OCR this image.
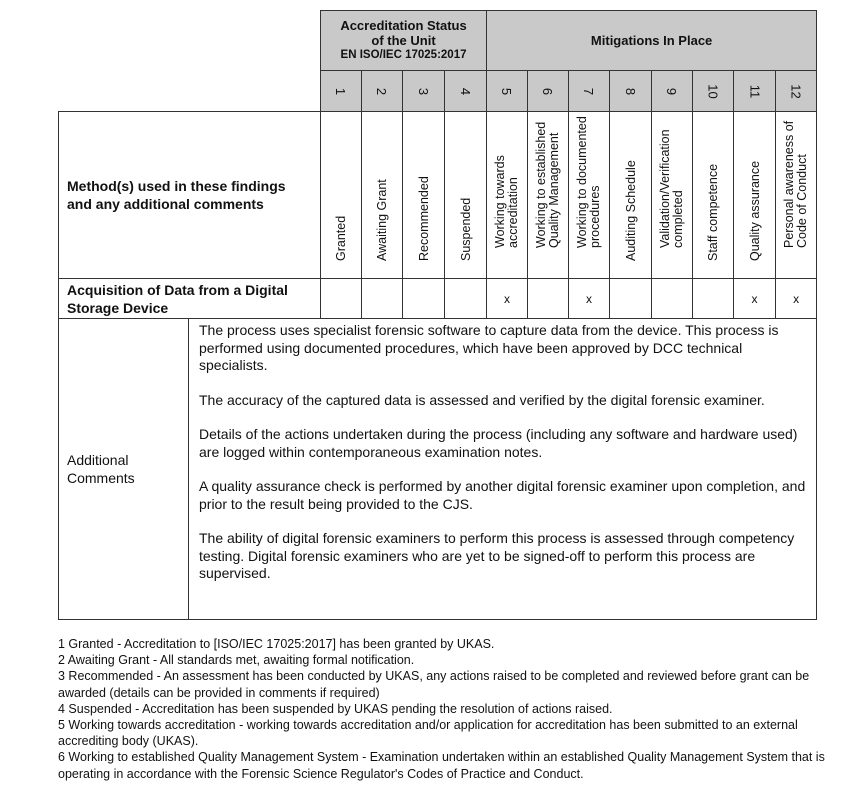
		Accreditation Status
of the Unit
EN ISO/IEC 17025:2017				Mitigations In Place							

		1	2	3	4	5	6	7	8	9	10	11	12

Method(s) used in these findings and any additional comments		Granted	Awaiting Grant	Recommended	Suspended	Working towards accreditation	Working to established Quality Management	Working to documented procedures	Auditing Schedule	Validation/Verification completed	Staff competence	Quality assurance	Personal awareness of Code of Conduct

Acquisition of Data from a Digital Storage Device						x		x				x	x
Additional Comments	The process uses specialist forensic software to capture data from the device. This process is performed using documented procedures, which have been approved by DCC technical specialists.

The accuracy of the captured data is assessed and verified by the digital forensic examiner.

Details of the actions undertaken during the process (including any software and hardware used) are logged within contemporaneous examination notes.

A quality assurance check is performed by another digital forensic examiner upon completion, and prior to the result being provided to the CJS.

The ability of digital forensic examiners to perform this process is assessed through competency testing. Digital forensic examiners who are yet to be signed-off to perform this process are supervised.												

1 Granted - Accreditation to [ISO/IEC 17025:2017] has been granted by UKAS.

2 Awaiting Grant - All standards met, awaiting formal notification.

3 Recommended - An assessment has been conducted by UKAS, any actions raised to be completed and reviewed before grant can be awarded (details can be provided in comments if required)

4 Suspended - Accreditation has been suspended by UKAS pending the resolution of actions raised.

5 Working towards accreditation - working towards accreditation and/or application for accreditation has been submitted to an external accrediting body (UKAS).

6 Working to established Quality Management System - Examination undertaken within an established Quality Management System that is operating in accordance with the Forensic Science Regulator's Codes of Practice and Conduct.
